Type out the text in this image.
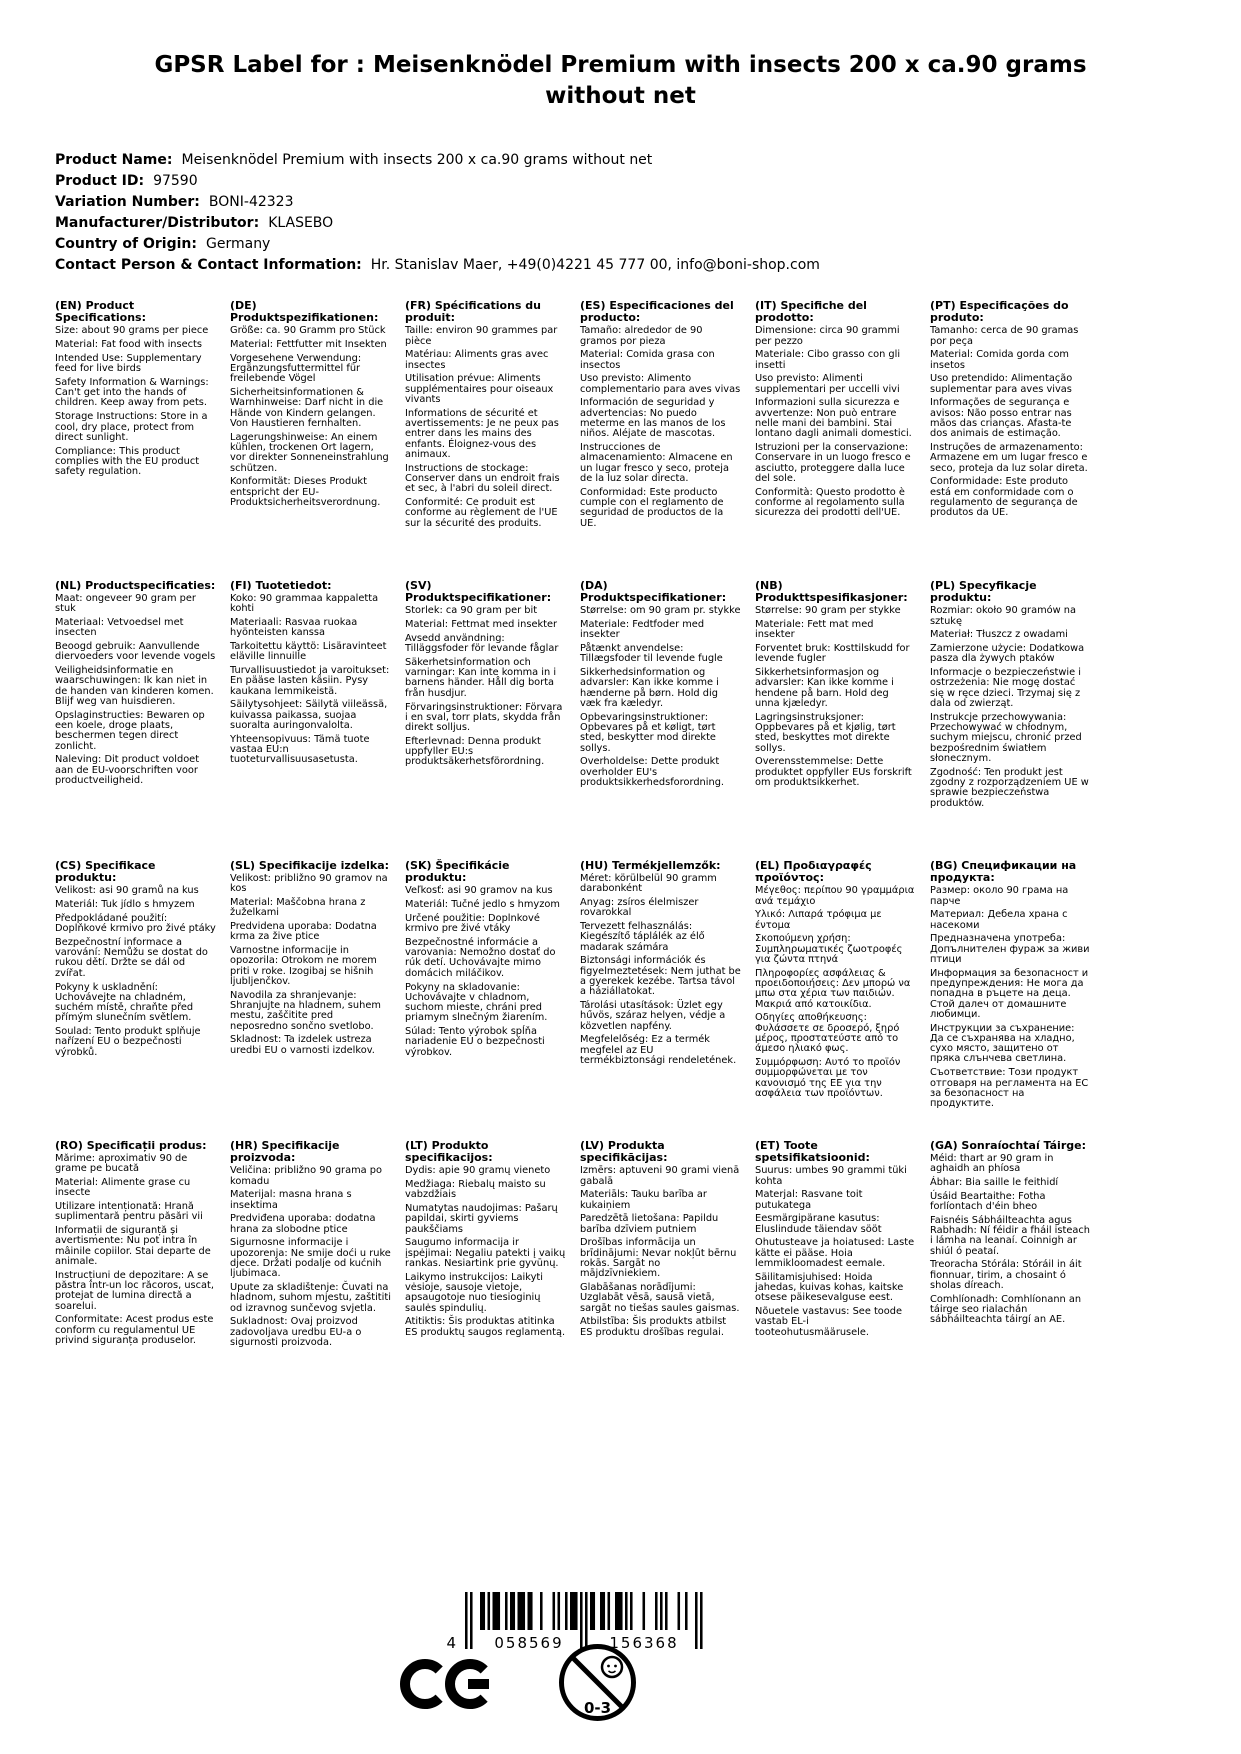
GPSR Label for : Meisenknödel Premium with insects 200 x ca.90 grams without net
Product Name: Meisenknödel Premium with insects 200 x ca.90 grams without net
Product ID: 97590
Variation Number: BONI-42323
Manufacturer/Distributor: KLASEBO
Country of Origin: Germany
Contact Person & Contact Information: Hr. Stanislav Maer, +49(0)4221 45 777 00, info@boni-shop.com

(EN) Product Specifications:

Size: about 90 grams per piece

Material: Fat food with insects

Intended Use: Supplementary feed for live birds

Safety Information & Warnings: Can't get into the hands of children. Keep away from pets.

Storage Instructions: Store in a cool, dry place, protect from direct sunlight.

Compliance: This product complies with the EU product safety regulation.

(DE) Produktspezifikationen:

Größe: ca. 90 Gramm pro Stück

Material: Fettfutter mit Insekten

Vorgesehene Verwendung: Ergänzungsfuttermittel für freilebende Vögel

Sicherheitsinformationen & Warnhinweise: Darf nicht in die Hände von Kindern gelangen. Von Haustieren fernhalten.

Lagerungshinweise: An einem kühlen, trockenen Ort lagern, vor direkter Sonneneinstrahlung schützen.

Konformität: Dieses Produkt entspricht der EU-Produktsicherheitsverordnung.

(FR) Spécifications du produit:

Taille: environ 90 grammes par pièce

Matériau: Aliments gras avec insectes

Utilisation prévue: Aliments supplémentaires pour oiseaux vivants

Informations de sécurité et avertissements: Je ne peux pas entrer dans les mains des enfants. Éloignez-vous des animaux.

Instructions de stockage: Conserver dans un endroit frais et sec, à l'abri du soleil direct.

Conformité: Ce produit est conforme au règlement de l'UE sur la sécurité des produits.

(ES) Especificaciones del producto:

Tamaño: alrededor de 90 gramos por pieza

Material: Comida grasa con insectos

Uso previsto: Alimento complementario para aves vivas

Información de seguridad y advertencias: No puedo meterme en las manos de los niños. Aléjate de mascotas.

Instrucciones de almacenamiento: Almacene en un lugar fresco y seco, proteja de la luz solar directa.

Conformidad: Este producto cumple con el reglamento de seguridad de productos de la UE.

(IT) Specifiche del prodotto:

Dimensione: circa 90 grammi per pezzo

Materiale: Cibo grasso con gli insetti

Uso previsto: Alimenti supplementari per uccelli vivi

Informazioni sulla sicurezza e avvertenze: Non può entrare nelle mani dei bambini. Stai lontano dagli animali domestici.

Istruzioni per la conservazione: Conservare in un luogo fresco e asciutto, proteggere dalla luce del sole.

Conformità: Questo prodotto è conforme al regolamento sulla sicurezza dei prodotti dell'UE.

(PT) Especificações do produto:

Tamanho: cerca de 90 gramas por peça

Material: Comida gorda com insetos

Uso pretendido: Alimentação suplementar para aves vivas

Informações de segurança e avisos: Não posso entrar nas mãos das crianças. Afasta-te dos animais de estimação.

Instruções de armazenamento: Armazene em um lugar fresco e seco, proteja da luz solar direta.

Conformidade: Este produto está em conformidade com o regulamento de segurança de produtos da UE.

(NL) Productspecificaties:

Maat: ongeveer 90 gram per stuk

Materiaal: Vetvoedsel met insecten

Beoogd gebruik: Aanvullende diervoeders voor levende vogels

Veiligheidsinformatie en waarschuwingen: Ik kan niet in de handen van kinderen komen. Blijf weg van huisdieren.

Opslaginstructies: Bewaren op een koele, droge plaats, beschermen tegen direct zonlicht.

Naleving: Dit product voldoet aan de EU-voorschriften voor productveiligheid.

(FI) Tuotetiedot:

Koko: 90 grammaa kappaletta kohti

Materiaali: Rasvaa ruokaa hyönteisten kanssa

Tarkoitettu käyttö: Lisäravinteet eläville linnuille

Turvallisuustiedot ja varoitukset: En pääse lasten käsiin. Pysy kaukana lemmikeistä.

Säilytysohjeet: Säilytä viileässä, kuivassa paikassa, suojaa suoralta auringonvalolta.

Yhteensopivuus: Tämä tuote vastaa EU:n tuoteturvallisuusasetusta.

(SV) Produktspecifikationer:

Storlek: ca 90 gram per bit

Material: Fettmat med insekter

Avsedd användning: Tilläggsfoder för levande fåglar

Säkerhetsinformation och varningar: Kan inte komma in i barnens händer. Håll dig borta från husdjur.

Förvaringsinstruktioner: Förvara i en sval, torr plats, skydda från direkt solljus.

Efterlevnad: Denna produkt uppfyller EU:s produktsäkerhetsförordning.

(DA) Produktspecifikationer:

Størrelse: om 90 gram pr. stykke

Materiale: Fedtfoder med insekter

Påtænkt anvendelse: Tillægsfoder til levende fugle

Sikkerhedsinformation og advarsler: Kan ikke komme i hænderne på børn. Hold dig væk fra kæledyr.

Opbevaringsinstruktioner: Opbevares på et køligt, tørt sted, beskytter mod direkte sollys.

Overholdelse: Dette produkt overholder EU's produktsikkerhedsforordning.

(NB) Produkttspesifikasjoner:

Størrelse: 90 gram per stykke

Materiale: Fett mat med insekter

Forventet bruk: Kosttilskudd for levende fugler

Sikkerhetsinformasjon og advarsler: Kan ikke komme i hendene på barn. Hold deg unna kjæledyr.

Lagringsinstruksjoner: Oppbevares på et kjølig, tørt sted, beskyttes mot direkte sollys.

Overensstemmelse: Dette produktet oppfyller EUs forskrift om produktsikkerhet.

(PL) Specyfikacje produktu:

Rozmiar: około 90 gramów na sztukę

Materiał: Tłuszcz z owadami

Zamierzone użycie: Dodatkowa pasza dla żywych ptaków

Informacje o bezpieczeństwie i ostrzeżenia: Nie mogę dostać się w ręce dzieci. Trzymaj się z dala od zwierząt.

Instrukcje przechowywania: Przechowywać w chłodnym, suchym miejscu, chronić przed bezpośrednim światłem słonecznym.

Zgodność: Ten produkt jest zgodny z rozporządzeniem UE w sprawie bezpieczeństwa produktów.

(CS) Specifikace produktu:

Velikost: asi 90 gramů na kus

Materiál: Tuk jídlo s hmyzem

Předpokládané použití: Doplňkové krmivo pro živé ptáky

Bezpečnostní informace a varování: Nemůžu se dostat do rukou dětí. Držte se dál od zvířat.

Pokyny k uskladnění: Uchovávejte na chladném, suchém místě, chraňte před přímým slunečním světlem.

Soulad: Tento produkt splňuje nařízení EU o bezpečnosti výrobků.

(SL) Specifikacije izdelka:

Velikost: približno 90 gramov na kos

Material: Maščobna hrana z žuželkami

Predvidena uporaba: Dodatna krma za žive ptice

Varnostne informacije in opozorila: Otrokom ne morem priti v roke. Izogibaj se hišnih ljubljenčkov.

Navodila za shranjevanje: Shranjujte na hladnem, suhem mestu, zaščitite pred neposredno sončno svetlobo.

Skladnost: Ta izdelek ustreza uredbi EU o varnosti izdelkov.

(SK) Špecifikácie produktu:

Veľkosť: asi 90 gramov na kus

Materiál: Tučné jedlo s hmyzom

Určené použitie: Doplnkové krmivo pre živé vtáky

Bezpečnostné informácie a varovania: Nemožno dostať do rúk detí. Uchovávajte mimo domácich miláčikov.

Pokyny na skladovanie: Uchovávajte v chladnom, suchom mieste, chráni pred priamym slnečným žiarením.

Súlad: Tento výrobok spĺňa nariadenie EÚ o bezpečnosti výrobkov.

(HU) Termékjellemzők:

Méret: körülbelül 90 gramm darabonként

Anyag: zsíros élelmiszer rovarokkal

Tervezett felhasználás: Kiegészítő táplálék az élő madarak számára

Biztonsági információk és figyelmeztetések: Nem juthat be a gyerekek kezébe. Tartsa távol a háziállatokat.

Tárolási utasítások: Üzlet egy hűvös, száraz helyen, védje a közvetlen napfény.

Megfelelőség: Ez a termék megfelel az EU termékbiztonsági rendeletének.

(EL) Προδιαγραφές προϊόντος:

Μέγεθος: περίπου 90 γραμμάρια ανά τεμάχιο

Υλικό: Λιπαρά τρόφιμα με έντομα

Σκοπούμενη χρήση: Συμπληρωματικές ζωοτροφές για ζώντα πτηνά

Πληροφορίες ασφάλειας & προειδοποιήσεις: Δεν μπορώ να μπω στα χέρια των παιδιών. Μακριά από κατοικίδια.

Οδηγίες αποθήκευσης: Φυλάσσετε σε δροσερό, ξηρό μέρος, προστατεύστε από το άμεσο ηλιακό φως.

Συμμόρφωση: Αυτό το προϊόν συμμορφώνεται με τον κανονισμό της ΕΕ για την ασφάλεια των προϊόντων.

(BG) Спецификации на продукта:

Размер: около 90 грама на парче

Материал: Дебела храна с насекоми

Предназначена употреба: Допълнителен фураж за живи птици

Информация за безопасност и предупреждения: Не мога да попадна в ръцете на деца. Стой далеч от домашните любимци.

Инструкции за съхранение: Да се съхранява на хладно, сухо място, защитено от пряка слънчева светлина.

Съответствие: Този продукт отговаря на регламента на ЕС за безопасност на продуктите.

(RO) Specificații produs:

Mărime: aproximativ 90 de grame pe bucată

Material: Alimente grase cu insecte

Utilizare intenționată: Hrană suplimentară pentru păsări vii

Informații de siguranță și avertismente: Nu pot intra în mâinile copiilor. Stai departe de animale.

Instrucțiuni de depozitare: A se păstra într-un loc răcoros, uscat, protejat de lumina directă a soarelui.

Conformitate: Acest produs este conform cu regulamentul UE privind siguranța produselor.

(HR) Specifikacije proizvoda:

Veličina: približno 90 grama po komadu

Materijal: masna hrana s insektima

Predviđena uporaba: dodatna hrana za slobodne ptice

Sigurnosne informacije i upozorenja: Ne smije doći u ruke djece. Držati podalje od kućnih ljubimaca.

Upute za skladištenje: Čuvati na hladnom, suhom mjestu, zaštititi od izravnog sunčevog svjetla.

Sukladnost: Ovaj proizvod zadovoljava uredbu EU-a o sigurnosti proizvoda.

(LT) Produkto specifikacijos:

Dydis: apie 90 gramų vieneto

Medžiaga: Riebalų maisto su vabzdžiais

Numatytas naudojimas: Pašarų papildai, skirti gyviems paukščiams

Saugumo informacija ir įspėjimai: Negaliu patekti į vaikų rankas. Nesiartink prie gyvūnų.

Laikymo instrukcijos: Laikyti vėsioje, sausoje vietoje, apsaugotoje nuo tiesioginių saulės spindulių.

Atitiktis: Šis produktas atitinka ES produktų saugos reglamentą.

(LV) Produkta specifikācijas:

Izmērs: aptuveni 90 grami vienā gabalā

Materiāls: Tauku barība ar kukaiņiem

Paredzētā lietošana: Papildu barība dzīviem putniem

Drošības informācija un brīdinājumi: Nevar nokļūt bērnu rokās. Sargāt no mājdzīvniekiem.

Glabāšanas norādījumi: Uzglabāt vēsā, sausā vietā, sargāt no tiešas saules gaismas.

Atbilstība: Šis produkts atbilst ES produktu drošības regulai.

(ET) Toote spetsifikatsioonid:

Suurus: umbes 90 grammi tüki kohta

Materjal: Rasvane toit putukatega

Eesmärgipärane kasutus: Eluslindude täiendav sööt

Ohutusteave ja hoiatused: Laste kätte ei pääse. Hoia lemmikloomadest eemale.

Säilitamisjuhised: Hoida jahedas, kuivas kohas, kaitske otsese päikesevalguse eest.

Nõuetele vastavus: See toode vastab EL-i tooteohutusmäärusele.

(GA) Sonraíochtaí Táirge:

Méid: thart ar 90 gram in aghaidh an phíosa

Ábhar: Bia saille le feithidí

Úsáid Beartaithe: Fotha forlíontach d'éin bheo

Faisnéis Sábháilteachta agus Rabhadh: Ní féidir a fháil isteach i lámha na leanaí. Coinnigh ar shiúl ó peataí.

Treoracha Stórála: Stóráil in áit fionnuar, tirim, a chosaint ó sholas díreach.

Comhlíonadh: Comhlíonann an táirge seo rialachán sábháilteachta táirgí an AE.

4 058569	156368
0-3
